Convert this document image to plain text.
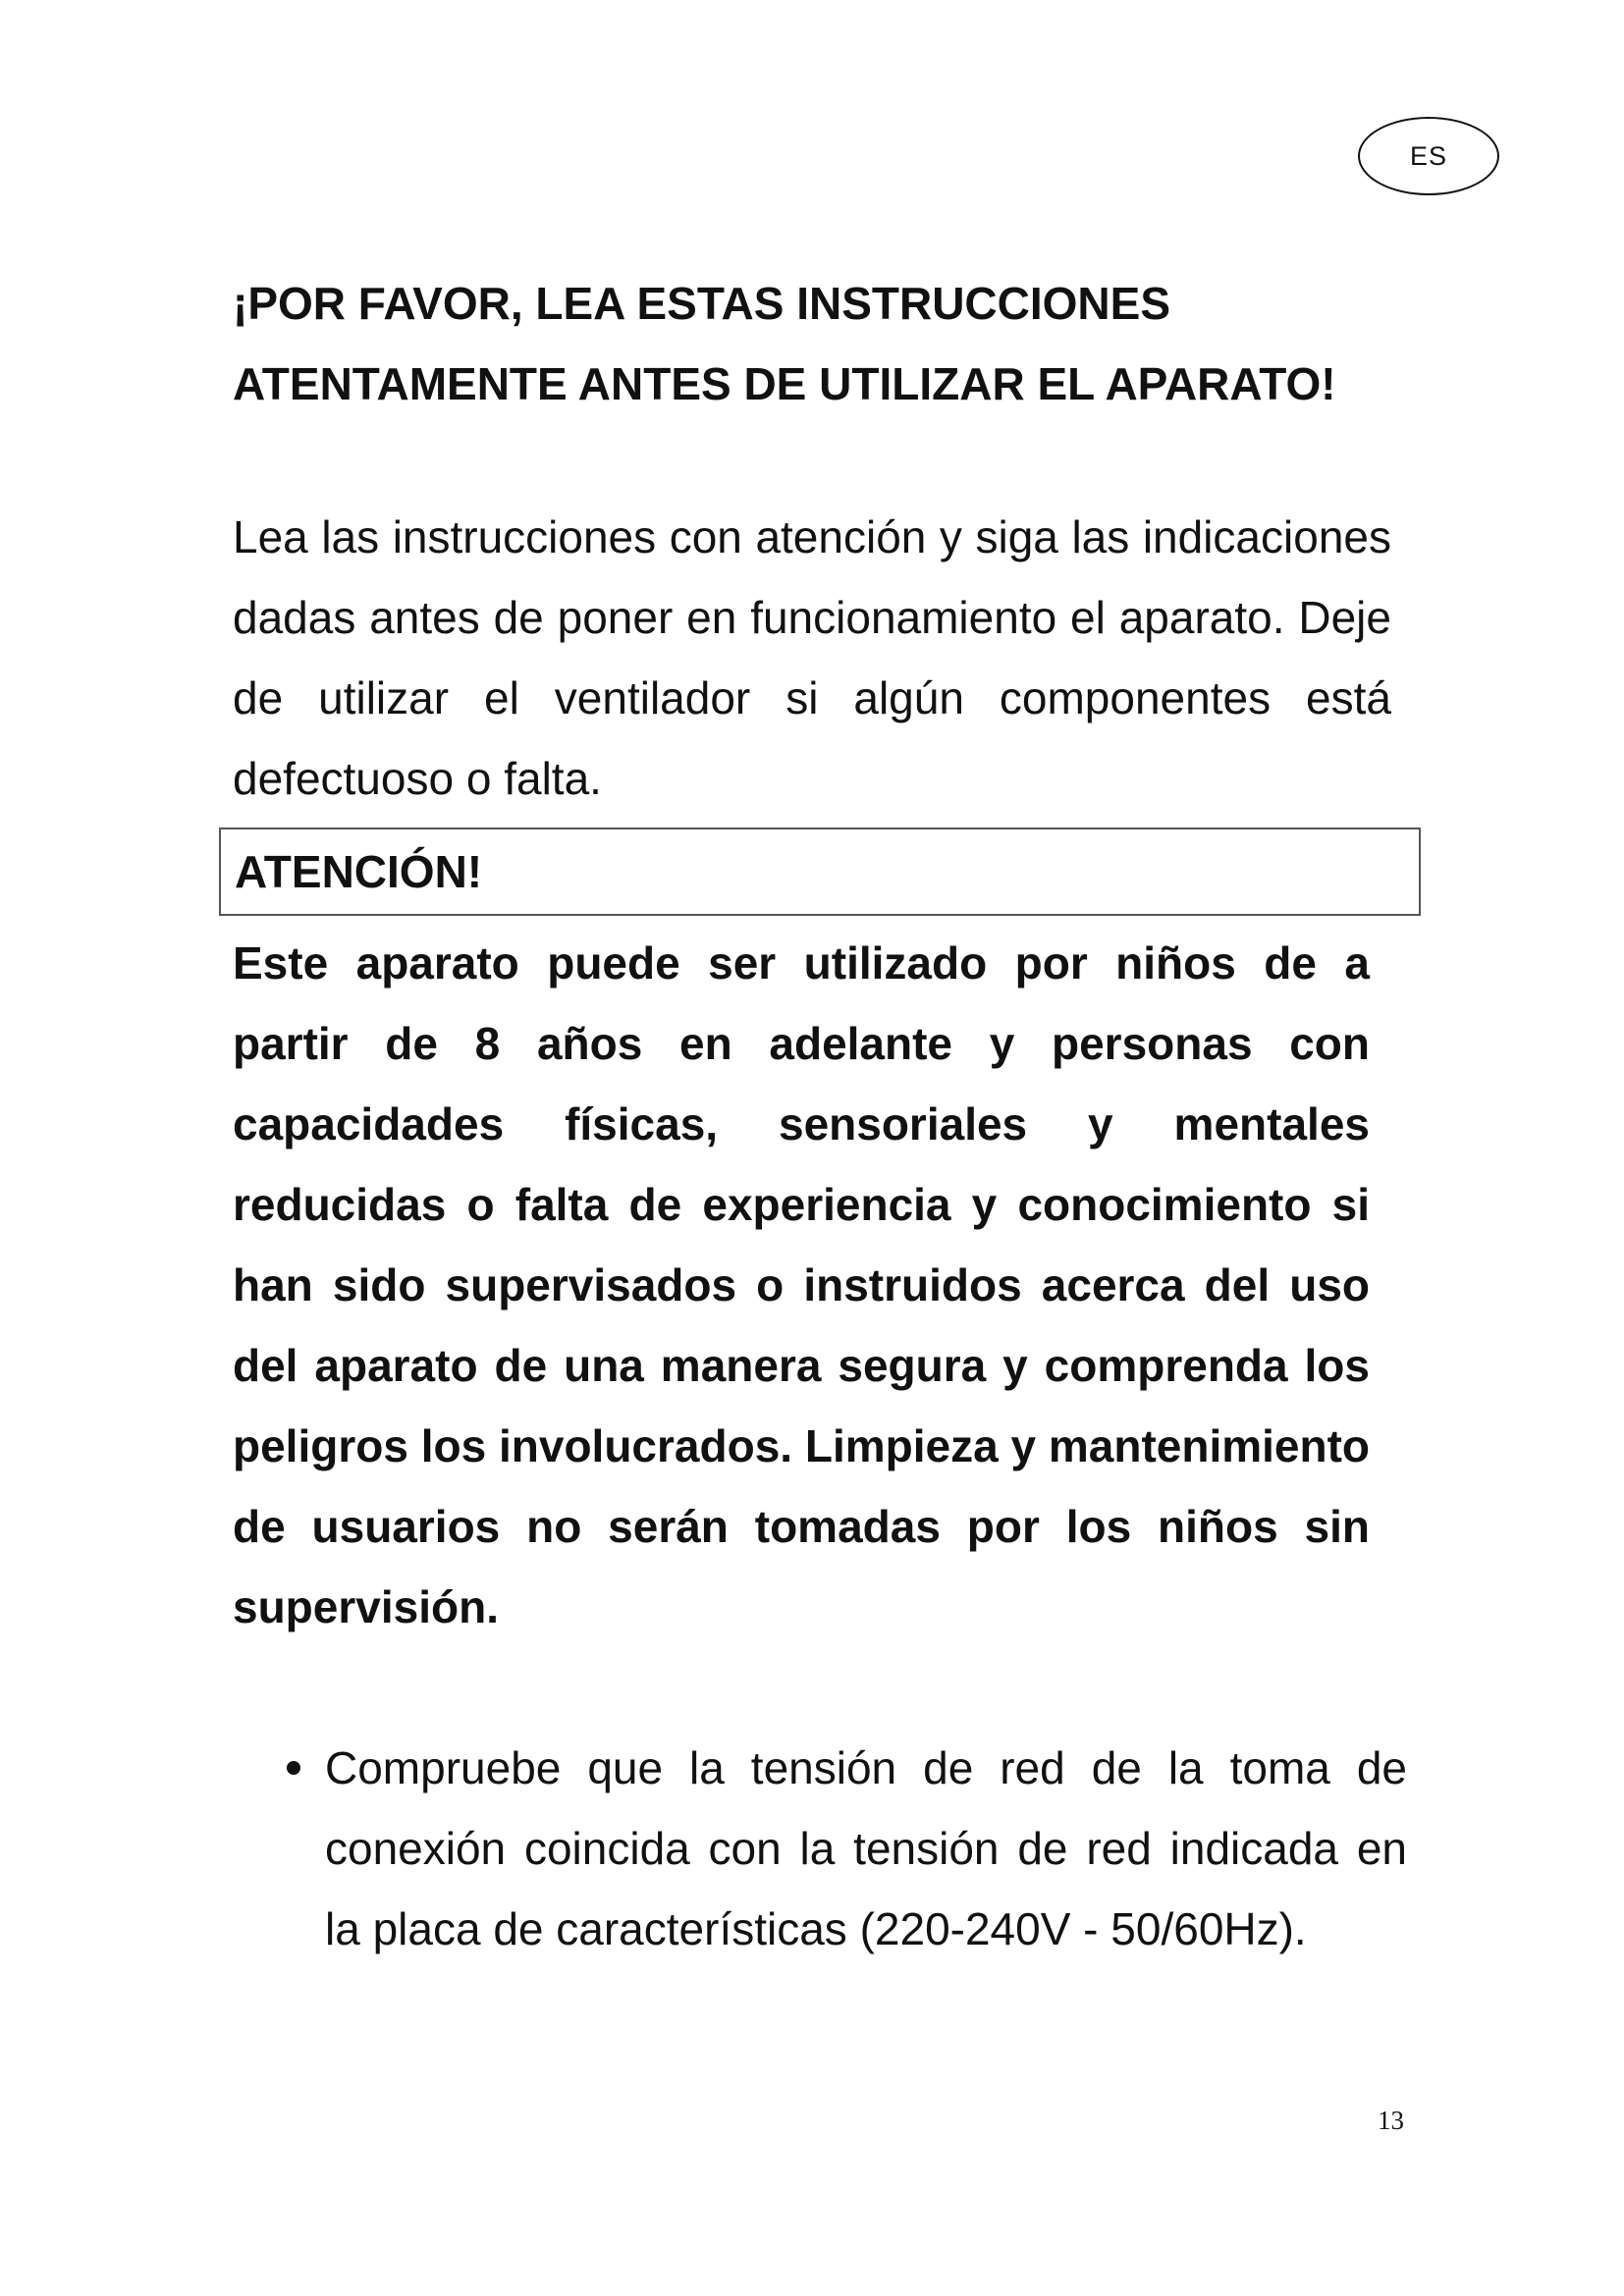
ES
¡POR FAVOR, LEA ESTAS INSTRUCCIONES
ATENTAMENTE ANTES DE UTILIZAR EL APARATO!

Lea las instrucciones con atención y siga las indicaciones dadas antes de poner en funcionamiento el aparato. Deje de utilizar el ventilador si algún componentes está defectuoso o falta.

ATENCIÓN!

Este aparato puede ser utilizado por niños de a partir de 8 años en adelante y personas con capacidades físicas, sensoriales y mentales reducidas o falta de experiencia y conocimiento si han sido supervisados o instruidos acerca del uso del aparato de una manera segura y comprenda los peligros los involucrados. Limpieza y mantenimiento de usuarios no serán tomadas por los niños sin supervisión.

Compruebe que la tensión de red de la toma de conexión coincida con la tensión de red indicada en la placa de características (220-240V - 50/60Hz).
13
